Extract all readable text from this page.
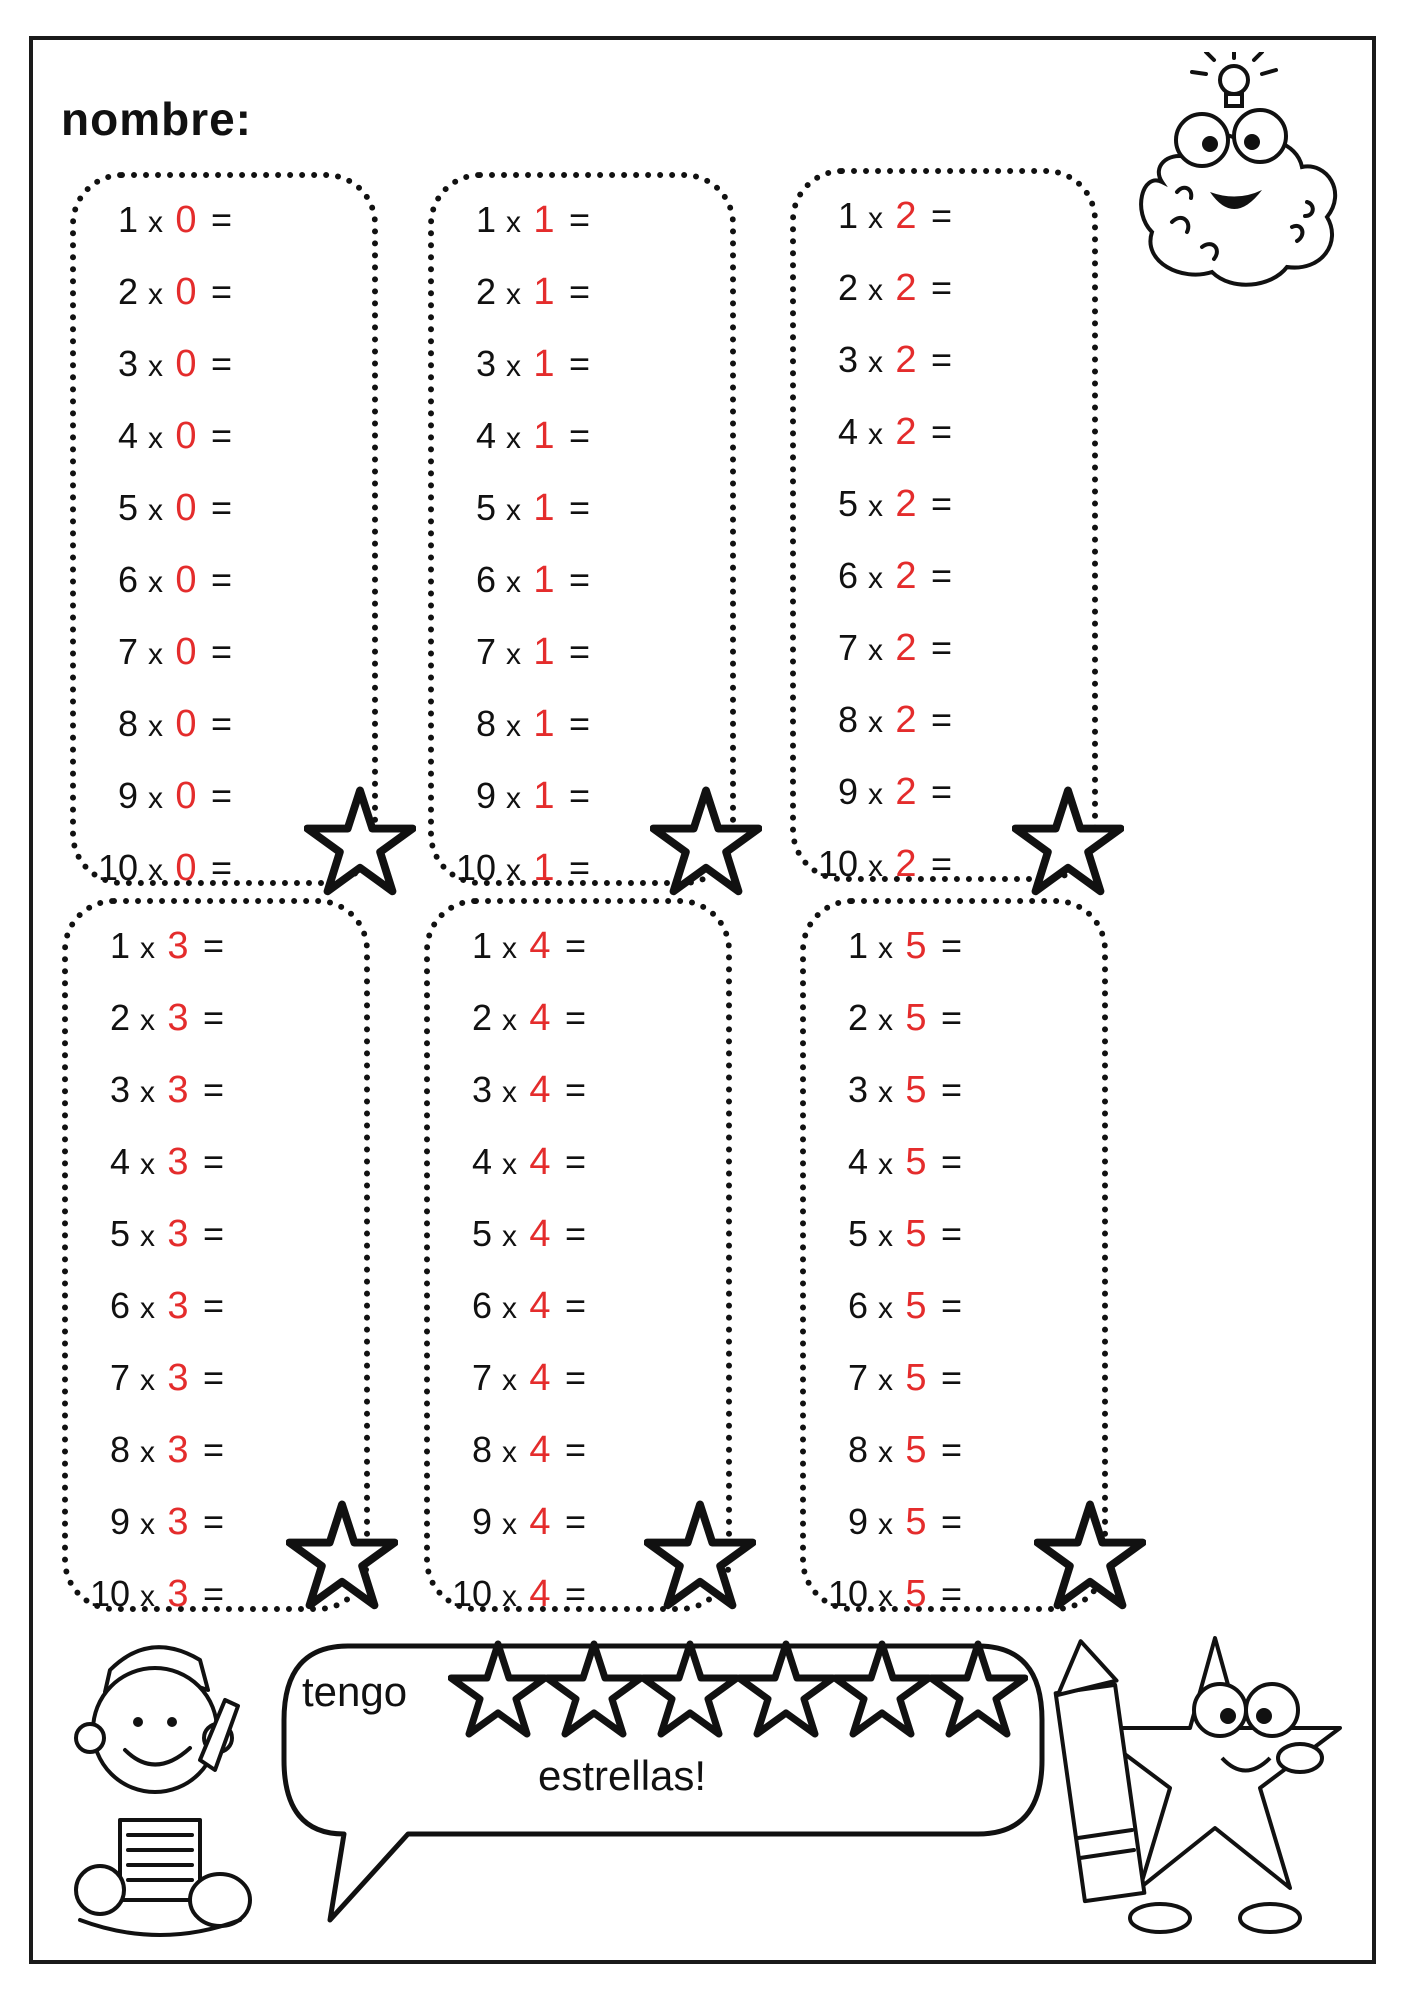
nombre:
1 x 0 =
2 x 0 =
3 x 0 =
4 x 0 =
5 x 0 =
6 x 0 =
7 x 0 =
8 x 0 =
9 x 0 =
10 x 0 =
1 x 1 =
2 x 1 =
3 x 1 =
4 x 1 =
5 x 1 =
6 x 1 =
7 x 1 =
8 x 1 =
9 x 1 =
10 x 1 =
1 x 2 =
2 x 2 =
3 x 2 =
4 x 2 =
5 x 2 =
6 x 2 =
7 x 2 =
8 x 2 =
9 x 2 =
10 x 2 =
1 x 3 =
2 x 3 =
3 x 3 =
4 x 3 =
5 x 3 =
6 x 3 =
7 x 3 =
8 x 3 =
9 x 3 =
10 x 3 =
1 x 4 =
2 x 4 =
3 x 4 =
4 x 4 =
5 x 4 =
6 x 4 =
7 x 4 =
8 x 4 =
9 x 4 =
10 x 4 =
1 x 5 =
2 x 5 =
3 x 5 =
4 x 5 =
5 x 5 =
6 x 5 =
7 x 5 =
8 x 5 =
9 x 5 =
10 x 5 =
tengo
estrellas!
